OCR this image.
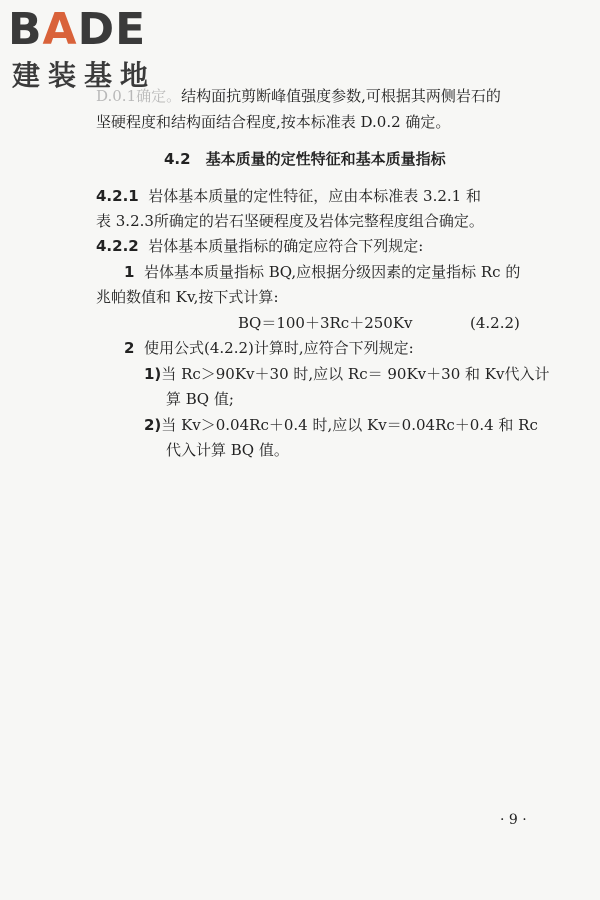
BADE
建装基地
D.0.1确定。结构面抗剪断峰值强度参数,可根据其两侧岩石的
坚硬程度和结构面结合程度,按本标准表 D.0.2 确定。
4.2　基本质量的定性特征和基本质量指标
4.2.1 岩体基本质量的定性特征，应由本标准表 3.2.1 和
表 3.2.3所确定的岩石坚硬程度及岩体完整程度组合确定。
4.2.2 岩体基本质量指标的确定应符合下列规定:
1 岩体基本质量指标 BQ,应根据分级因素的定量指标 Rc 的
兆帕数值和 Kv,按下式计算:
BQ＝100＋3Rc＋250Kv	(4.2.2)
2 使用公式(4.2.2)计算时,应符合下列规定:
1)当 Rc＞90Kv＋30 时,应以 Rc＝ 90Kv＋30 和 Kv代入计
算 BQ 值;
2)当 Kv＞0.04Rc＋0.4 时,应以 Kv＝0.04Rc＋0.4 和 Rc
代入计算 BQ 值。
· 9 ·
